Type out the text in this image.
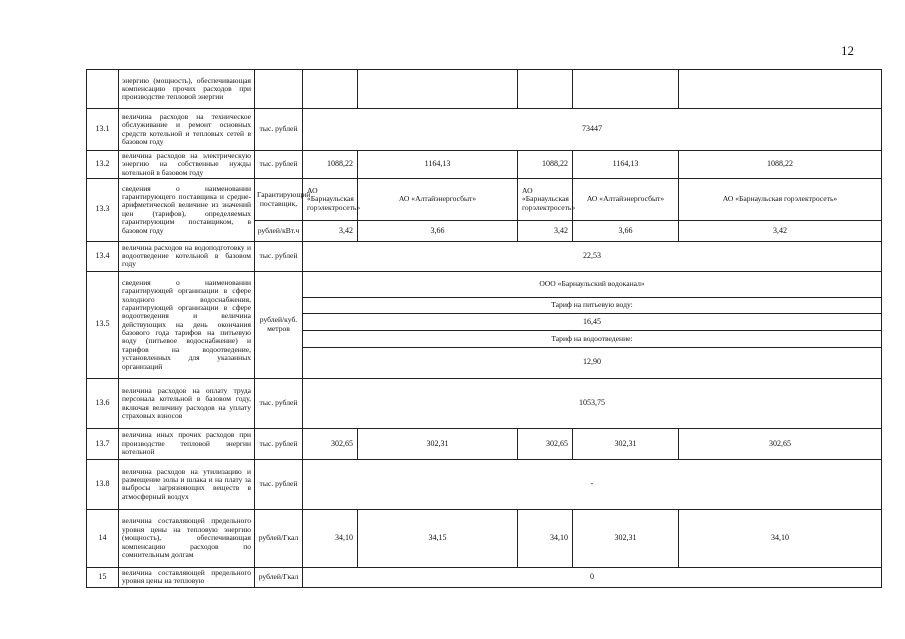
12
	энергию (мощность), обеспечивающая компенсацию прочих расходов при производстве тепловой энергии						
13.1	величина расходов на техническое обслуживание и ремонт основных средств котельной и тепловых сетей в базовом году	тыс. рублей	73447				
13.2	величина расходов на электрическую энергию на собственные нужды котельной в базовом году	тыс. рублей	1088,22	1164,13	1088,22	1164,13	1088,22
13.3	сведения о наименовании гарантирующего поставщика и средне-арифметической величине из значений цен (тарифов), определяемых гарантирующим поставщиком, в базовом году	Гарантирующий поставщик,	АО «Барнаульская горэлектросеть»	АО «Алтайэнергосбыт»	АО «Барнаульская горэлектросеть»	АО «Алтайэнергосбыт»	АО «Барнаульская горэлектросеть»
		рублей/кВт.ч	3,42	3,66	3,42	3,66	3,42
13.4	величина расходов на водоподготовку и водоотведение котельной в базовом году	тыс. рублей	22,53				
13.5	сведения о наименовании гарантирующей организации в сфере холодного водоснабжения, гарантирующей организации в сфере водоотведения и величина действующих на день окончания базового года тарифов на питьевую воду (питьевое водоснабжение) и тарифов на водоотведение, установленных для указанных организаций	рублей/куб. метров	ООО «Барнаульский водоканал»				
			Тариф на питьевую воду:				
			16,45				
			Тариф на водоотведение:				
			12,90				
13.6	величина расходов на оплату труда персонала котельной в базовом году, включая величину расходов на уплату страховых взносов	тыс. рублей	1053,75				
13.7	величина иных прочих расходов при производстве тепловой энергии котельной	тыс. рублей	302,65	302,31	302,65	302,31	302,65
13.8	величина расходов на утилизацию и размещение золы и шлака и на плату за выбросы загрязняющих веществ в атмосферный воздух	тыс. рублей	-				
14	величина составляющей предельного уровня цены на тепловую энергию (мощность), обеспечивающая компенсацию расходов по сомнительным долгам	рублей/Гкал	34,10	34,15	34,10	302,31	34,10
15	величина составляющей предельного уровня цены на тепловую	рублей/Гкал	0				
